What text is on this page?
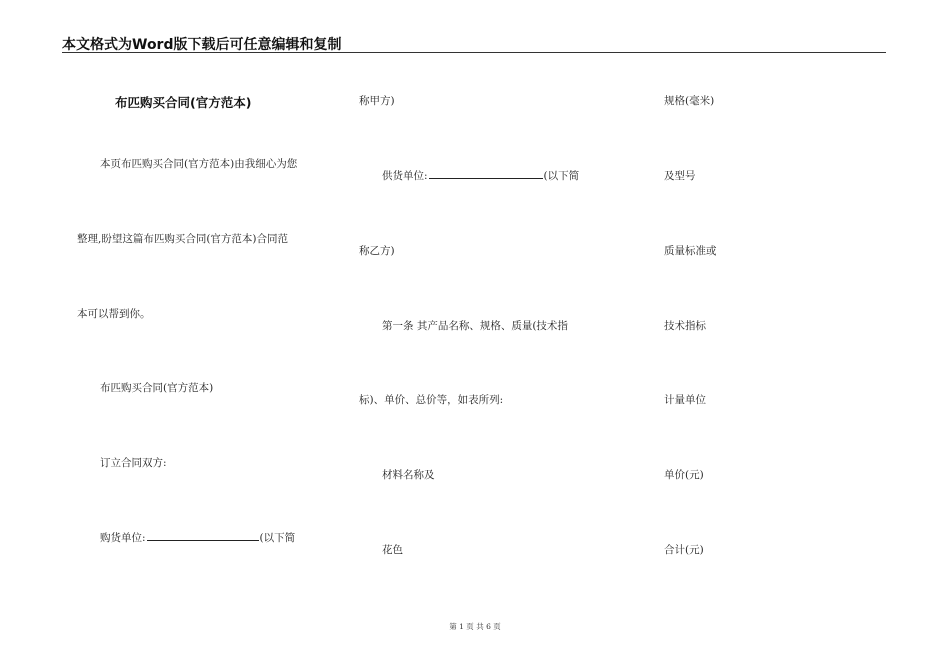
本文格式为Word版下载后可任意编辑和复制
布匹购买合同(官方范本)
本页布匹购买合同(官方范本)由我细心为您
整理,盼望这篇布匹购买合同(官方范本)合同范
本可以帮到你。
布匹购买合同(官方范本)
订立合同双方:
购货单位:	(以下简
称甲方)
供货单位:	(以下简
称乙方)
第一条 其产品名称、规格、质量(技术指
标)、单价、总价等，如表所列:
材料名称及
花色
规格(毫米)
及型号
质量标准或
技术指标
计量单位
单价(元)
合计(元)
第 1 页 共 6 页
